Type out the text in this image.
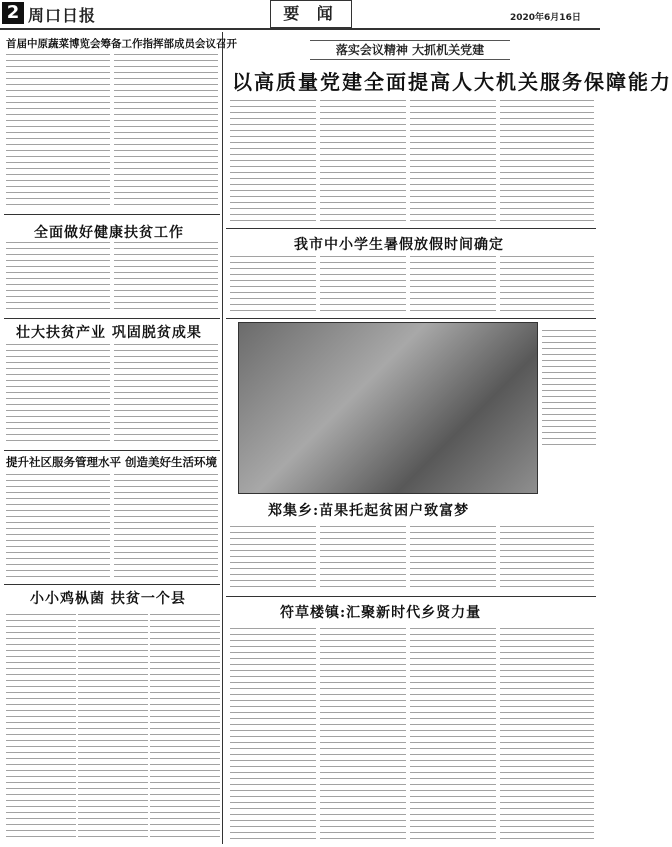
2 周口日报	要 闻	2020年6月16日
首届中原蔬菜博览会筹备工作指挥部成员会议召开	落实会议精神 大抓机关党建
以高质量党建全面提高人大机关服务保障能力
全面做好健康扶贫工作
我市中小学生暑假放假时间确定
壮大扶贫产业 巩固脱贫成果
提升社区服务管理水平 创造美好生活环境
郑集乡:苗果托起贫困户致富梦
小小鸡枞菌 扶贫一个县
符草楼镇:汇聚新时代乡贤力量
